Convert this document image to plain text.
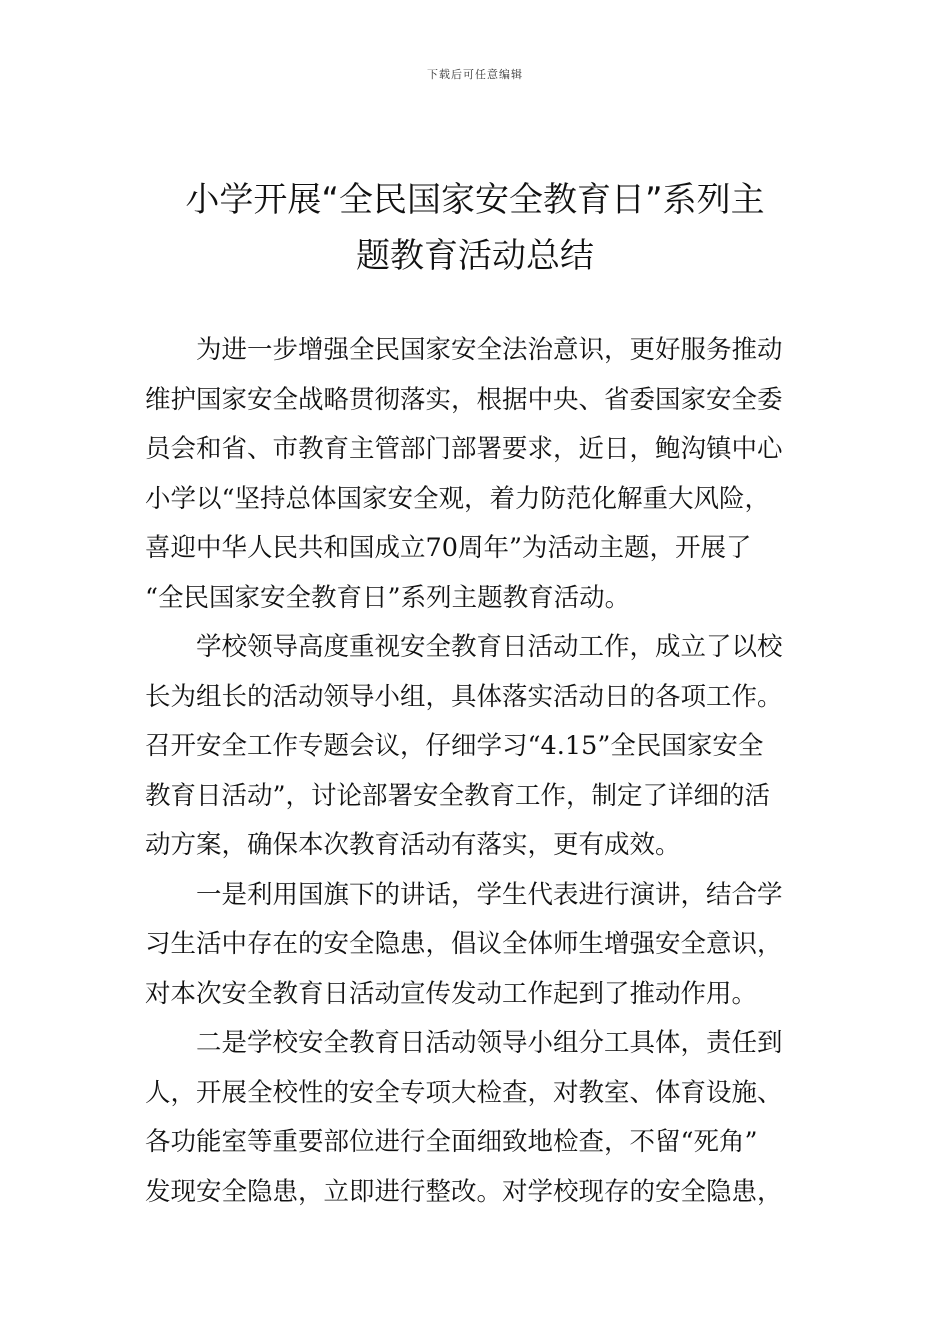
下载后可任意编辑
小学开展“全民国家安全教育日”系列主
题教育活动总结
为进一步增强全民国家安全法治意识，更好服务推动
维护国家安全战略贯彻落实，根据中央、省委国家安全委
员会和省、市教育主管部门部署要求，近日，鲍沟镇中心
小学以“坚持总体国家安全观，着力防范化解重大风险，
喜迎中华人民共和国成立70周年”为活动主题，开展了
“全民国家安全教育日”系列主题教育活动。
学校领导高度重视安全教育日活动工作，成立了以校
长为组长的活动领导小组，具体落实活动日的各项工作。
召开安全工作专题会议，仔细学习“4.15”全民国家安全
教育日活动”，讨论部署安全教育工作，制定了详细的活
动方案，确保本次教育活动有落实，更有成效。
一是利用国旗下的讲话，学生代表进行演讲，结合学
习生活中存在的安全隐患，倡议全体师生增强安全意识，
对本次安全教育日活动宣传发动工作起到了推动作用。
二是学校安全教育日活动领导小组分工具体，责任到
人，开展全校性的安全专项大检查，对教室、体育设施、
各功能室等重要部位进行全面细致地检查，不留“死角”
发现安全隐患，立即进行整改。对学校现存的安全隐患，
